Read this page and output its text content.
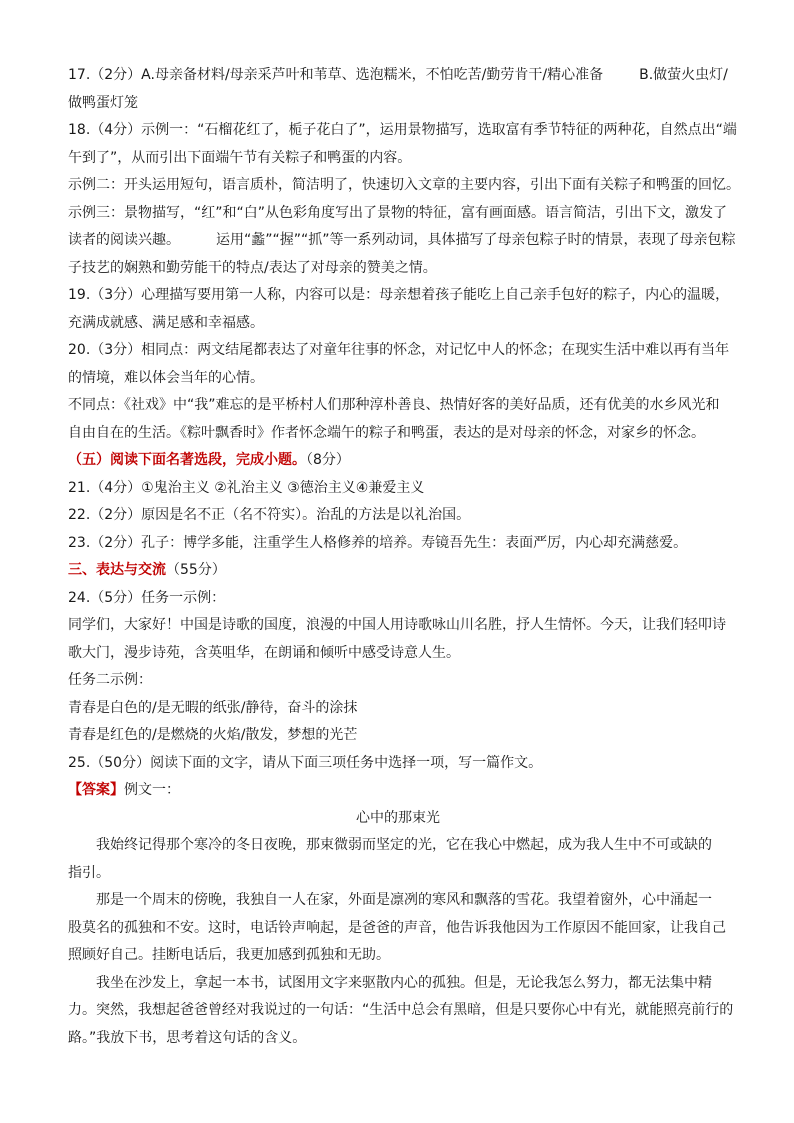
17.（2分）A.母亲备材料/母亲采芦叶和苇草、选泡糯米，不怕吃苦/勤劳肯干/精心准备	B.做萤火虫灯/
做鸭蛋灯笼
18.（4分）示例一：“石榴花红了，栀子花白了”，运用景物描写，选取富有季节特征的两种花，自然点出“端
午到了”，从而引出下面端午节有关粽子和鸭蛋的内容。
示例二：开头运用短句，语言质朴，简洁明了，快速切入文章的主要内容，引出下面有关粽子和鸭蛋的回忆。
示例三：景物描写，“红”和“白”从色彩角度写出了景物的特征，富有画面感。语言简洁，引出下文，激发了
读者的阅读兴趣。	运用“蠡”“握”“抓”等一系列动词，具体描写了母亲包粽子时的情景，表现了母亲包粽
子技艺的娴熟和勤劳能干的特点/表达了对母亲的赞美之情。
19.（3分）心理描写要用第一人称，内容可以是：母亲想着孩子能吃上自己亲手包好的粽子，内心的温暖，
充满成就感、满足感和幸福感。
20.（3分）相同点：两文结尾都表达了对童年往事的怀念，对记忆中人的怀念；在现实生活中难以再有当年
的情境，难以体会当年的心情。
不同点：《社戏》中“我”难忘的是平桥村人们那种淳朴善良、热情好客的美好品质，还有优美的水乡风光和
自由自在的生活。《粽叶飘香时》作者怀念端午的粽子和鸭蛋，表达的是对母亲的怀念，对家乡的怀念。
（五）阅读下面名著选段，完成小题。（8分）
21.（4分）①鬼治主义 ②礼治主义 ③德治主义④兼爱主义
22.（2分）原因是名不正（名不符实）。治乱的方法是以礼治国。
23.（2分）孔子：博学多能，注重学生人格修养的培养。寿镜吾先生：表面严厉，内心却充满慈爱。
三、表达与交流（55分）
24.（5分）任务一示例：
同学们，大家好！中国是诗歌的国度，浪漫的中国人用诗歌咏山川名胜，抒人生情怀。今天，让我们轻叩诗
歌大门，漫步诗苑，含英咀华，在朗诵和倾听中感受诗意人生。
任务二示例：
青春是白色的/是无暇的纸张/静待，奋斗的涂抹
青春是红色的/是燃烧的火焰/散发，梦想的光芒
25.（50分）阅读下面的文字，请从下面三项任务中选择一项，写一篇作文。
【答案】例文一：
心中的那束光
我始终记得那个寒冷的冬日夜晚，那束微弱而坚定的光，它在我心中燃起，成为我人生中不可或缺的
指引。
那是一个周末的傍晚，我独自一人在家，外面是凛冽的寒风和飘落的雪花。我望着窗外，心中涌起一
股莫名的孤独和不安。这时，电话铃声响起，是爸爸的声音，他告诉我他因为工作原因不能回家，让我自己
照顾好自己。挂断电话后，我更加感到孤独和无助。
我坐在沙发上，拿起一本书，试图用文字来驱散内心的孤独。但是，无论我怎么努力，都无法集中精
力。突然，我想起爸爸曾经对我说过的一句话：“生活中总会有黑暗，但是只要你心中有光，就能照亮前行的
路。”我放下书，思考着这句话的含义。
